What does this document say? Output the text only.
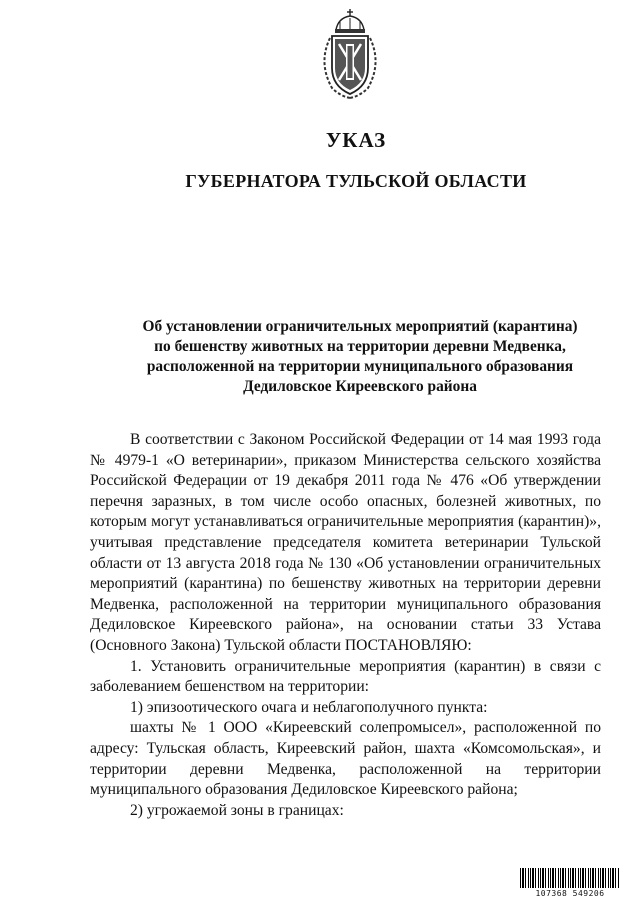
УКАЗ
ГУБЕРНАТОРА ТУЛЬСКОЙ ОБЛАСТИ
Об установлении ограничительных мероприятий (карантина)
по бешенству животных на территории деревни Медвенка,
расположенной на территории муниципального образования
Дедиловское Киреевского района

В соответствии с Законом Российской Федерации от 14 мая 1993 года № 4979-1 «О ветеринарии», приказом Министерства сельского хозяйства Российской Федерации от 19 декабря 2011 года № 476 «Об утверждении перечня заразных, в том числе особо опасных, болезней животных, по которым могут устанавливаться ограничительные мероприятия (карантин)», учитывая представление председателя комитета ветеринарии Тульской области от 13 августа 2018 года № 130 «Об установлении ограничительных мероприятий (карантина) по бешенству животных на территории деревни Медвенка, расположенной на территории муниципального образования Дедиловское Киреевского района», на основании статьи 33 Устава (Основного Закона) Тульской области ПОСТАНОВЛЯЮ:

1. Установить ограничительные мероприятия (карантин) в связи с заболеванием бешенством на территории:

1) эпизоотического очага и неблагополучного пункта:

шахты № 1 ООО «Киреевский солепромысел», расположенной по адресу: Тульская область, Киреевский район, шахта «Комсомольская», и территории деревни Медвенка, расположенной на территории муниципального образования Дедиловское Киреевского района;

2) угрожаемой зоны в границах:

107368 549206
